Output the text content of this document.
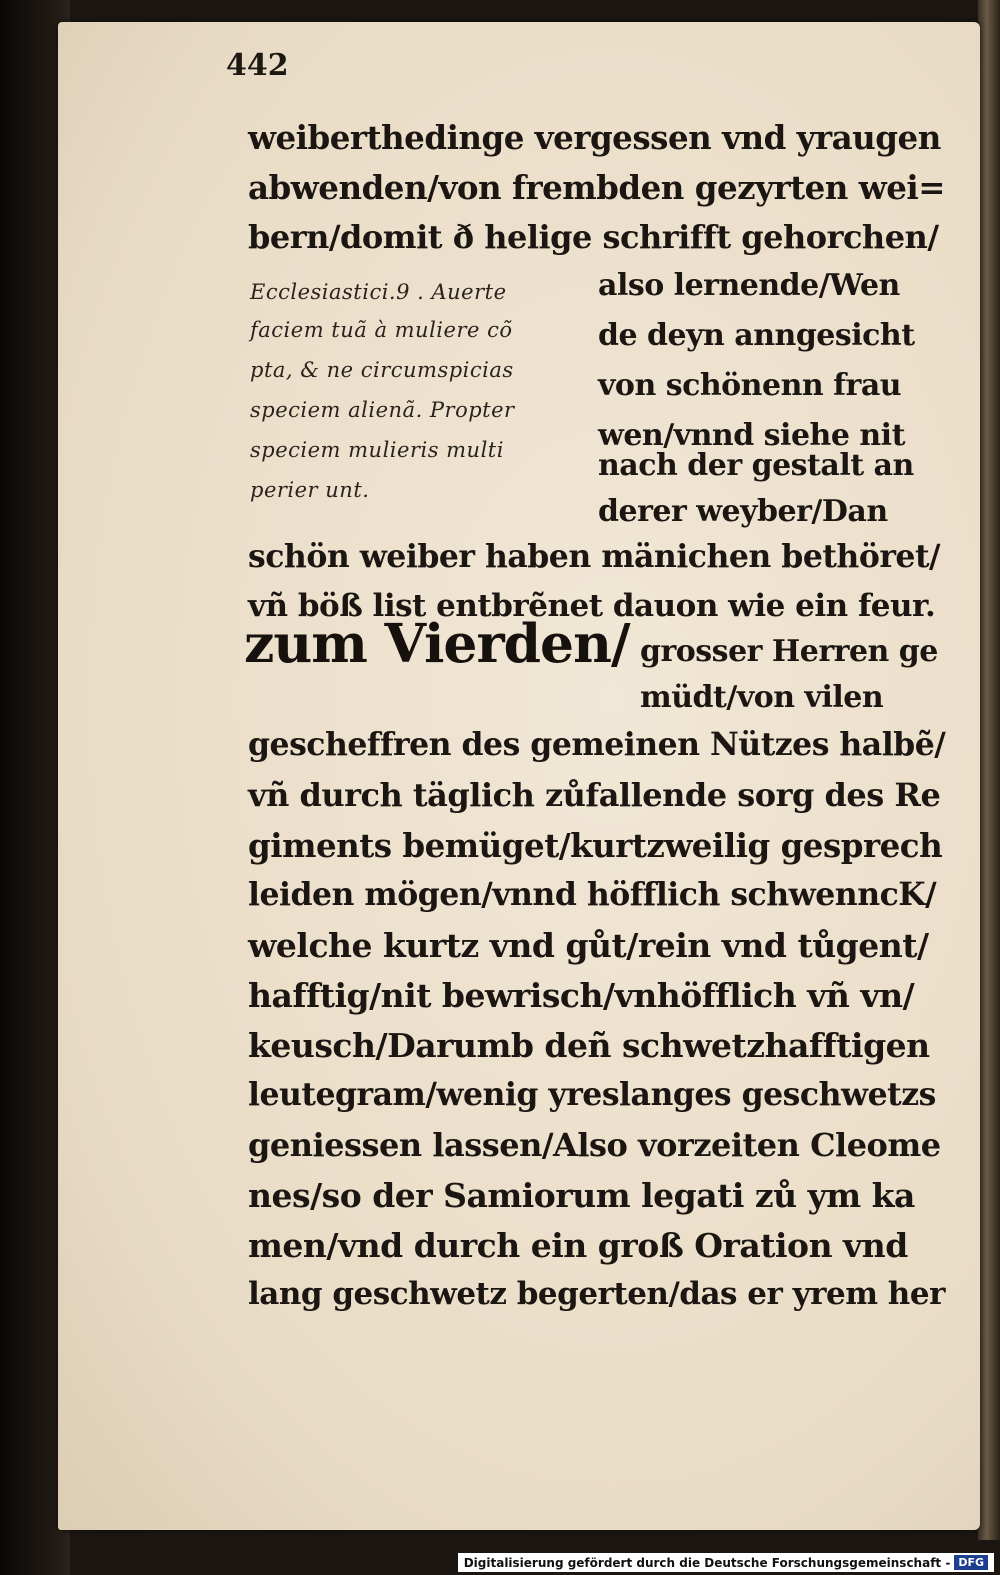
442
weiberthedinge vergessen vnd yraugen
abwenden/von frembden gezyrten wei=
bern/domit ð helige schrifft gehorchen/
Ecclesiastici.9 . Auerte
faciem tuã à muliere cõ
pta, & ne circumspicias
speciem alienã. Propter
speciem mulieris multi
perier unt.
also lernende/Wen
de deyn anngesicht
von schönenn frau
wen/vnnd siehe nit
nach der gestalt an
derer weyber/Dan
schön weiber haben mänichen bethöret/
vñ böß list entbrẽnet dauon wie ein feur.
zum Vierden/ grosser Herren ge
müdt/von vilen
gescheffren des gemeinen Nützes halbẽ/
vñ durch täglich zůfallende sorg des Re
giments bemüget/kurtzweilig gesprech
leiden mögen/vnnd höfflich schwenncK/
welche kurtz vnd gůt/rein vnd tůgent/
hafftig/nit bewrisch/vnhöfflich vñ vn/
keusch/Darumb deñ schwetzhafftigen
leutegram/wenig yreslanges geschwetzs
geniessen lassen/Also vorzeiten Cleome
nes/so der Samiorum legati zů ym ka
men/vnd durch ein groß Oration vnd
lang geschwetz begerten/das er yrem her
Digitalisierung gefördert durch die Deutsche Forschungsgemeinschaft - DFG
